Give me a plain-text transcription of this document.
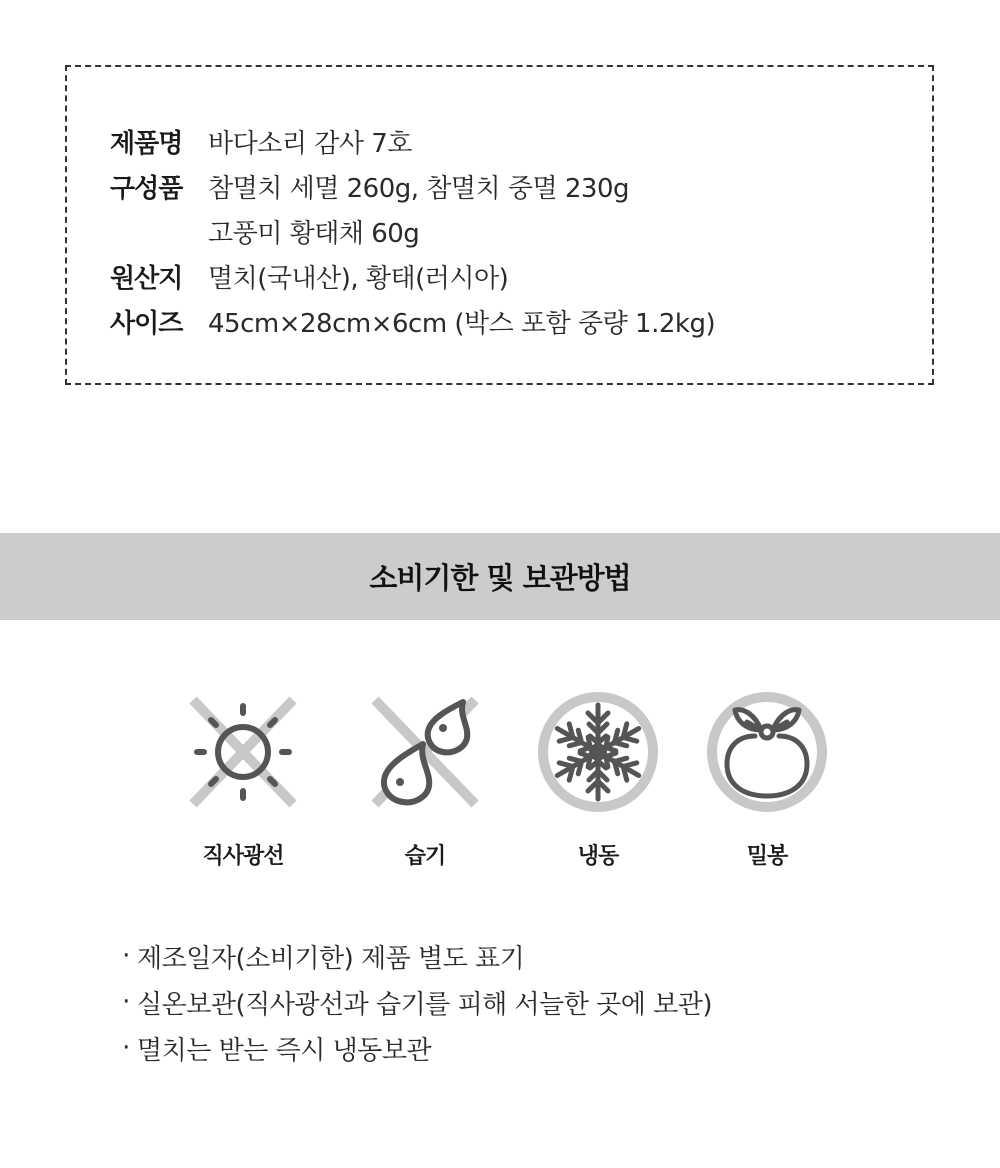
제품명 바다소리 감사 7호
구성품 참멸치 세멸 260g, 참멸치 중멸 230g
고풍미 황태채 60g
원산지 멸치(국내산), 황태(러시아)
사이즈 45cm×28cm×6cm (박스 포함 중량 1.2kg)
소비기한 및 보관방법
직사광선	습기	냉동	밀봉
· 제조일자(소비기한) 제품 별도 표기
· 실온보관(직사광선과 습기를 피해 서늘한 곳에 보관)
· 멸치는 받는 즉시 냉동보관
